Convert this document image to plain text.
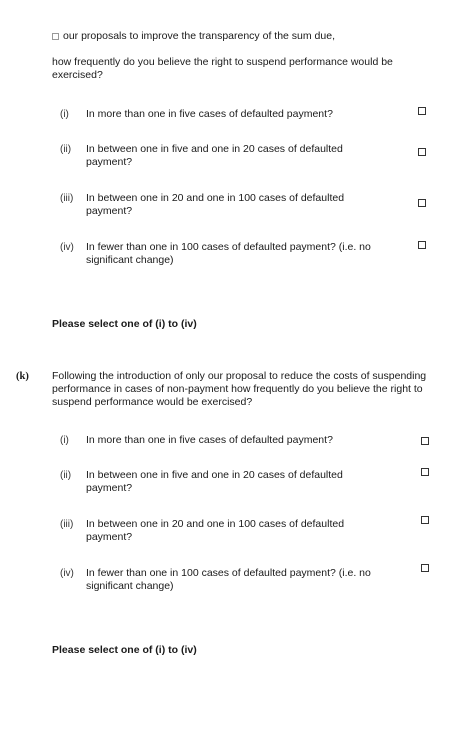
our proposals to improve the transparency of the sum due,
how frequently do you believe the right to suspend performance would be exercised?
(i) In more than one in five cases of defaulted payment?
(ii) In between one in five and one in 20 cases of defaulted payment?
(iii) In between one in 20 and one in 100 cases of defaulted payment?
(iv) In fewer than one in 100 cases of defaulted payment? (i.e. no significant change)
Please select one of (i) to (iv)
(k) Following the introduction of only our proposal to reduce the costs of suspending performance in cases of non-payment how frequently do you believe the right to suspend performance would be exercised?
(i) In more than one in five cases of defaulted payment?
(ii) In between one in five and one in 20 cases of defaulted payment?
(iii) In between one in 20 and one in 100 cases of defaulted payment?
(iv) In fewer than one in 100 cases of defaulted payment? (i.e. no significant change)
Please select one of (i) to (iv)
